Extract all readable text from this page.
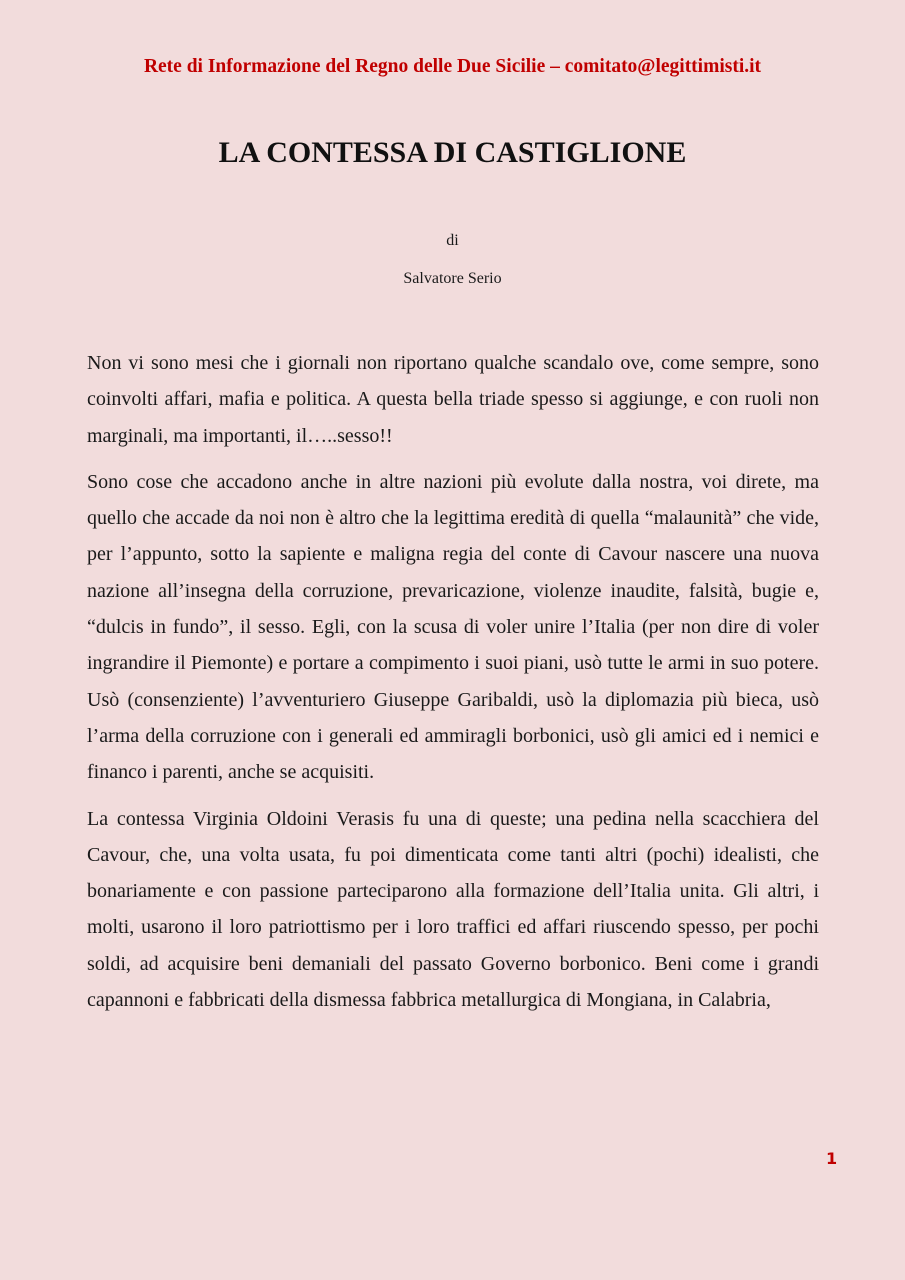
Rete di Informazione del Regno delle Due Sicilie – comitato@legittimisti.it
LA CONTESSA DI CASTIGLIONE
di
Salvatore Serio

Non vi sono mesi che i giornali non riportano qualche scandalo ove, come sempre, sono coinvolti affari, mafia e politica. A questa bella triade spesso si aggiunge, e con ruoli non marginali, ma importanti, il…..sesso!!

Sono cose che accadono anche in altre nazioni più evolute dalla nostra, voi direte, ma quello che accade da noi non è altro che la legittima eredità di quella “malaunità” che vide, per l’appunto, sotto la sapiente e maligna regia del conte di Cavour nascere una nuova nazione all’insegna della corruzione, prevaricazione, violenze inaudite, falsità, bugie e, “dulcis in fundo”, il sesso. Egli, con la scusa di voler unire l’Italia (per non dire di voler ingrandire il Piemonte) e portare a compimento i suoi piani, usò tutte le armi in suo potere. Usò (consenziente) l’avventuriero Giuseppe Garibaldi, usò la diplomazia più bieca, usò l’arma della corruzione con i generali ed ammiragli borbonici, usò gli amici ed i nemici e financo i parenti, anche se acquisiti.

La contessa Virginia Oldoini Verasis fu una di queste; una pedina nella scacchiera del Cavour, che, una volta usata, fu poi dimenticata come tanti altri (pochi) idealisti, che bonariamente e con passione parteciparono alla formazione dell’Italia unita. Gli altri, i molti, usarono il loro patriottismo per i loro traffici ed affari riuscendo spesso, per pochi soldi, ad acquisire beni demaniali del passato Governo borbonico. Beni come i grandi capannoni e fabbricati della dismessa fabbrica metallurgica di Mongiana, in Calabria,

1
